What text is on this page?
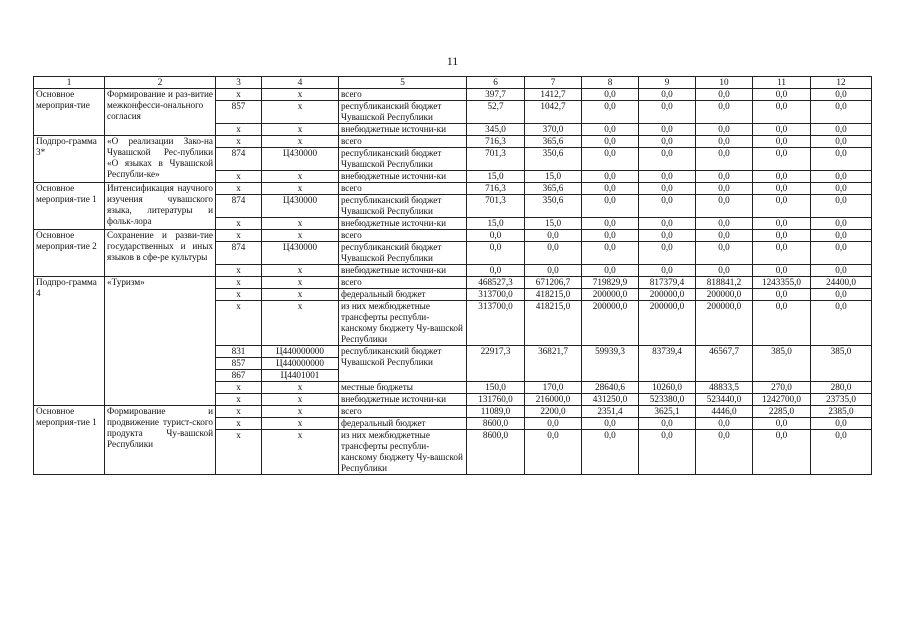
11
1	2	3	4	5	6	7	8	9	10	11	12
Основное мероприя-тие	Формирование и раз-витие межконфесси-онального согласия	x	x	всего	397,7	1412,7	0,0	0,0	0,0	0,0	0,0
		857	x	республиканский бюджет Чувашской Республики	52,7	1042,7	0,0	0,0	0,0	0,0	0,0
		x	x	внебюджетные источни-ки	345,0	370,0	0,0	0,0	0,0	0,0	0,0
Подпро-грамма 3*	«О реализации Зако-на Чувашской Рес-публики «О языках в Чувашской Республи-ке»	x	x	всего	716,3	365,6	0,0	0,0	0,0	0,0	0,0
		874	Ц430000	республиканский бюджет Чувашской Республики	701,3	350,6	0,0	0,0	0,0	0,0	0,0
		x	x	внебюджетные источни-ки	15,0	15,0	0,0	0,0	0,0	0,0	0,0
Основное мероприя-тие 1	Интенсификация научного изучения чувашского языка, литературы и фольк-лора	x	x	всего	716,3	365,6	0,0	0,0	0,0	0,0	0,0
		874	Ц430000	республиканский бюджет Чувашской Республики	701,3	350,6	0,0	0,0	0,0	0,0	0,0
		x	x	внебюджетные источни-ки	15,0	15,0	0,0	0,0	0,0	0,0	0,0
Основное мероприя-тие 2	Сохранение и разви-тие государственных и иных языков в сфе-ре культуры	x	x	всего	0,0	0,0	0,0	0,0	0,0	0,0	0,0
		874	Ц430000	республиканский бюджет Чувашской Республики	0,0	0,0	0,0	0,0	0,0	0,0	0,0
		x	x	внебюджетные источни-ки	0,0	0,0	0,0	0,0	0,0	0,0	0,0
Подпро-грамма 4	«Туризм»	x	x	всего	468527,3	671206,7	719829,9	817379,4	818841,2	1243355,0	24400,0
		x	x	федеральный бюджет	313700,0	418215,0	200000,0	200000,0	200000,0	0,0	0,0
		x	x	из них межбюджетные трансферты республи-канскому бюджету Чу-вашской Республики	313700,0	418215,0	200000,0	200000,0	200000,0	0,0	0,0
		831	Ц440000000	республиканский бюджет Чувашской Республики	22917,3	36821,7	59939,3	83739,4	46567,7	385,0	385,0
		857	Ц440000000								
		867	Ц4401001								
		x	x	местные бюджеты	150,0	170,0	28640,6	10260,0	48833,5	270,0	280,0
		x	x	внебюджетные источни-ки	131760,0	216000,0	431250,0	523380,0	523440,0	1242700,0	23735,0
Основное мероприя-тие 1	Формирование и продвижение турист-ского продукта Чу-вашской Республики	x	x	всего	11089,0	2200,0	2351,4	3625,1	4446,0	2285,0	2385,0
		x	x	федеральный бюджет	8600,0	0,0	0,0	0,0	0,0	0,0	0,0
		x	x	из них межбюджетные трансферты республи-канскому бюджету Чу-вашской Республики	8600,0	0,0	0,0	0,0	0,0	0,0	0,0
